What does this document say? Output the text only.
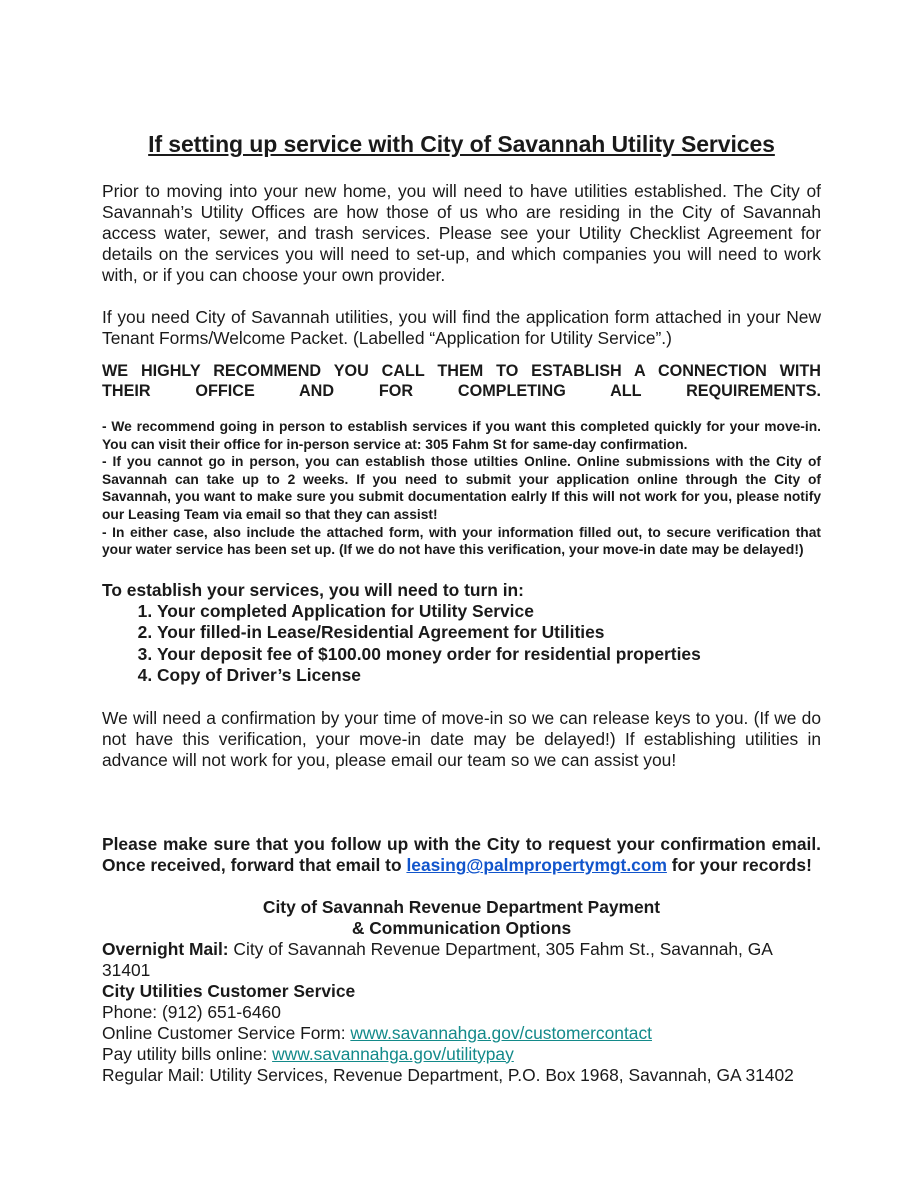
If setting up service with City of Savannah Utility Services

Prior to moving into your new home, you will need to have utilities established. The City of Savannah’s Utility Offices are how those of us who are residing in the City of Savannah access water, sewer, and trash services. Please see your Utility Checklist Agreement for details on the services you will need to set-up, and which companies you will need to work with, or if you can choose your own provider.

If you need City of Savannah utilities, you will find the application form attached in your New Tenant Forms/Welcome Packet. (Labelled “Application for Utility Service”.)

WE HIGHLY RECOMMEND YOU CALL THEM TO ESTABLISH A CONNECTION WITH
THEIR OFFICE AND FOR COMPLETING ALL REQUIREMENTS.

- We recommend going in person to establish services if you want this completed quickly for your move-in. You can visit their office for in-person service at: 305 Fahm St for same-day confirmation.

- If you cannot go in person, you can establish those utilties Online. Online submissions with the City of Savannah can take up to 2 weeks. If you need to submit your application online through the City of Savannah, you want to make sure you submit documentation ealrly If this will not work for you, please notify our Leasing Team via email so that they can assist!

- In either case, also include the attached form, with your information filled out, to secure verification that your water service has been set up. (If we do not have this verification, your move-in date may be delayed!)

To establish your services, you will need to turn in:

1. Your completed Application for Utility Service
2. Your filled-in Lease/Residential Agreement for Utilities
3. Your deposit fee of $100.00 money order for residential properties
4. Copy of Driver’s License

We will need a confirmation by your time of move-in so we can release keys to you. (If we do not have this verification, your move-in date may be delayed!) If establishing utilities in advance will not work for you, please email our team so we can assist you!

Please make sure that you follow up with the City to request your confirmation email. Once received, forward that email to leasing@palmpropertymgt.com for your records!

City of Savannah Revenue Department Payment
& Communication Options

Overnight Mail: City of Savannah Revenue Department, 305 Fahm St., Savannah, GA 31401

City Utilities Customer Service

Phone: (912) 651-6460

Online Customer Service Form: www.savannahga.gov/customercontact

Pay utility bills online: www.savannahga.gov/utilitypay

Regular Mail: Utility Services, Revenue Department, P.O. Box 1968, Savannah, GA 31402
